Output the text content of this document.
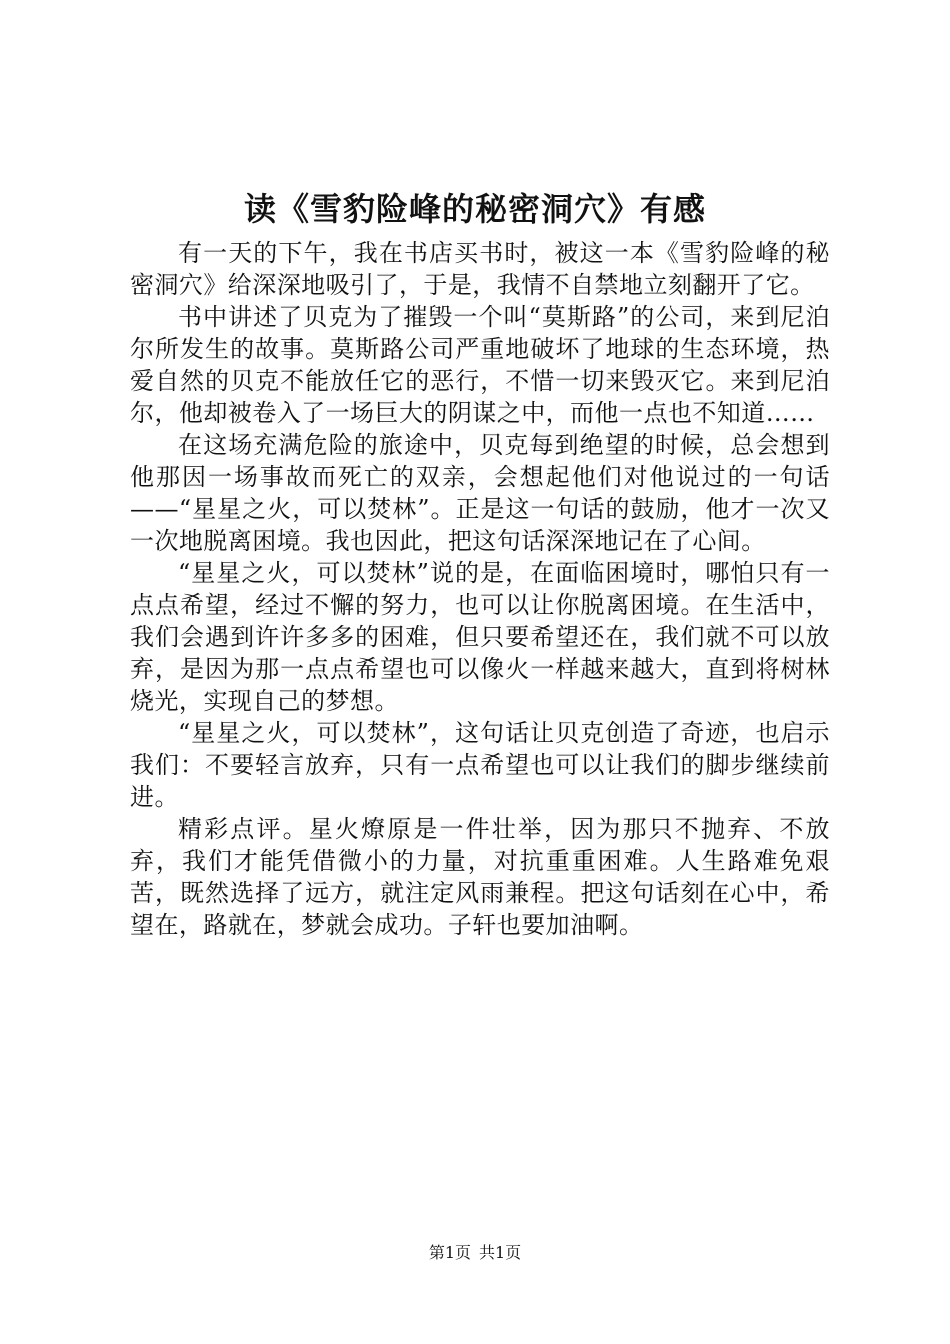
读《雪豹险峰的秘密洞穴》有感

有一天的下午，我在书店买书时，被这一本《雪豹险峰的秘密洞穴》给深深地吸引了，于是，我情不自禁地立刻翻开了它。

书中讲述了贝克为了摧毁一个叫“莫斯路”的公司，来到尼泊尔所发生的故事。莫斯路公司严重地破坏了地球的生态环境，热爱自然的贝克不能放任它的恶行，不惜一切来毁灭它。来到尼泊尔，他却被卷入了一场巨大的阴谋之中，而他一点也不知道……

在这场充满危险的旅途中，贝克每到绝望的时候，总会想到他那因一场事故而死亡的双亲，会想起他们对他说过的一句话——“星星之火，可以焚林”。正是这一句话的鼓励，他才一次又一次地脱离困境。我也因此，把这句话深深地记在了心间。

“星星之火，可以焚林”说的是，在面临困境时，哪怕只有一点点希望，经过不懈的努力，也可以让你脱离困境。在生活中，我们会遇到许许多多的困难，但只要希望还在，我们就不可以放弃，是因为那一点点希望也可以像火一样越来越大，直到将树林烧光，实现自己的梦想。

“星星之火，可以焚林”，这句话让贝克创造了奇迹，也启示我们：不要轻言放弃，只有一点希望也可以让我们的脚步继续前进。

精彩点评。星火燎原是一件壮举，因为那只不抛弃、不放弃，我们才能凭借微小的力量，对抗重重困难。人生路难免艰苦，既然选择了远方，就注定风雨兼程。把这句话刻在心中，希望在，路就在，梦就会成功。子轩也要加油啊。

第1页 共1页
